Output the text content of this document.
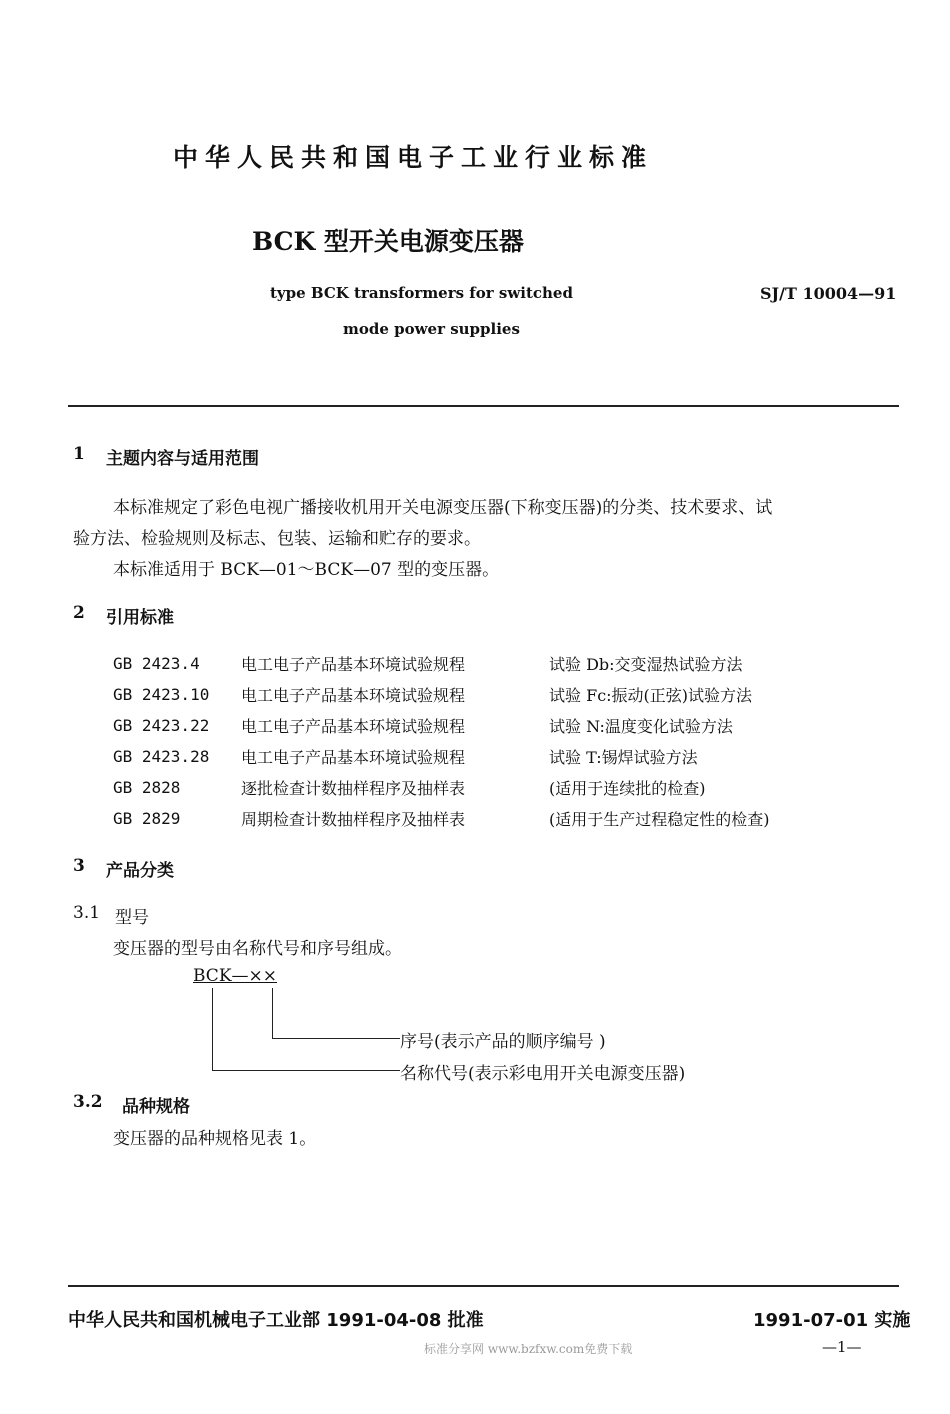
中华人民共和国电子工业行业标准
BCK 型开关电源变压器
type BCK transformers for switched
mode power supplies
SJ/T 10004—91
1 主题内容与适用范围
本标准规定了彩色电视广播接收机用开关电源变压器(下称变压器)的分类、技术要求、试
验方法、检验规则及标志、包装、运输和贮存的要求。
本标准适用于 BCK—01～BCK—07 型的变压器。
2 引用标准
GB 2423.4	电工电子产品基本环境试验规程	试验 Db:交变湿热试验方法
GB 2423.10	电工电子产品基本环境试验规程	试验 Fc:振动(正弦)试验方法
GB 2423.22	电工电子产品基本环境试验规程	试验 N:温度变化试验方法
GB 2423.28	电工电子产品基本环境试验规程	试验 T:锡焊试验方法
GB 2828	逐批检查计数抽样程序及抽样表	(适用于连续批的检查)
GB 2829	周期检查计数抽样程序及抽样表	(适用于生产过程稳定性的检查)
3 产品分类
3.1 型号
变压器的型号由名称代号和序号组成。
BCK—××
序号(表示产品的顺序编号 )
名称代号(表示彩电用开关电源变压器)
3.2 品种规格
变压器的品种规格见表 1。
中华人民共和国机械电子工业部 1991-04-08 批准	1991-07-01 实施
标准分享网 www.bzfxw.com免费下载	—1—
